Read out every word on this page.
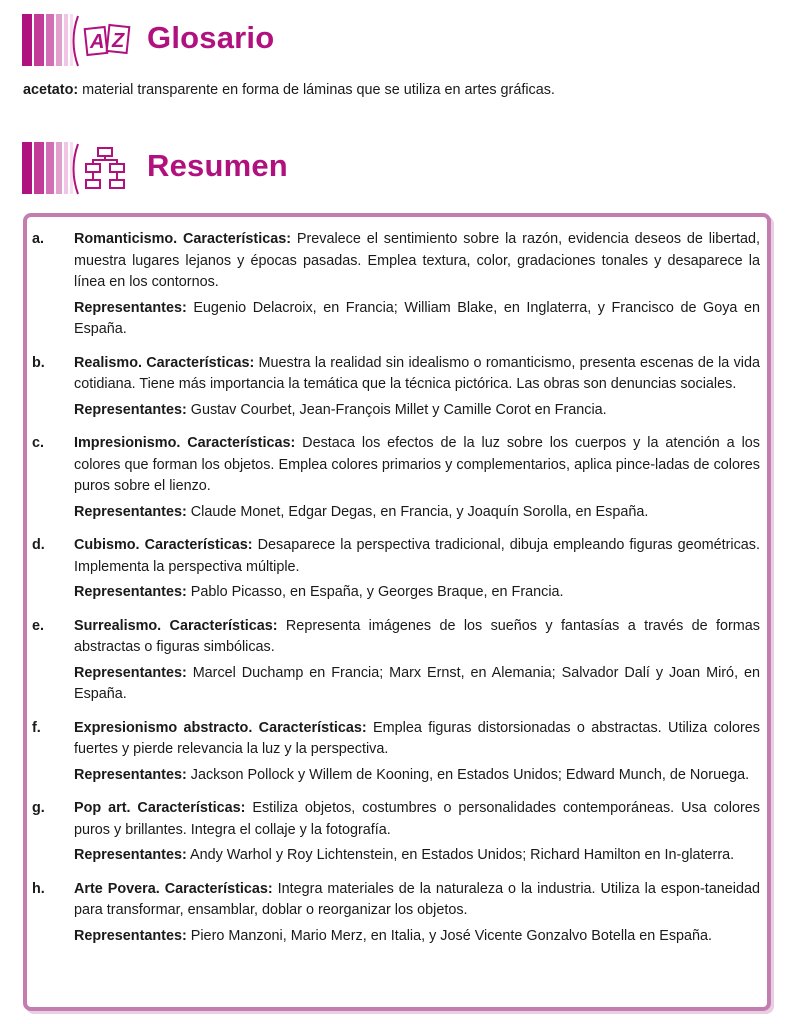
A Z Glosario
acetato: material transparente en forma de láminas que se utiliza en artes gráficas.
Resumen
a. Romanticismo. Características: Prevalece el sentimiento sobre la razón, evidencia deseos de libertad, muestra lugares lejanos y épocas pasadas. Emplea textura, color, gradaciones tonales y desaparece la línea en los contornos.

Representantes: Eugenio Delacroix, en Francia; William Blake, en Inglaterra, y Francisco de Goya en España.

b. Realismo. Características: Muestra la realidad sin idealismo o romanticismo, presenta escenas de la vida cotidiana. Tiene más importancia la temática que la técnica pictórica. Las obras son denuncias sociales.

Representantes: Gustav Courbet, Jean-François Millet y Camille Corot en Francia.

c. Impresionismo. Características: Destaca los efectos de la luz sobre los cuerpos y la atención a los colores que forman los objetos. Emplea colores primarios y complementarios, aplica pince-ladas de colores puros sobre el lienzo.

Representantes: Claude Monet, Edgar Degas, en Francia, y Joaquín Sorolla, en España.

d. Cubismo. Características: Desaparece la perspectiva tradicional, dibuja empleando figuras geométricas. Implementa la perspectiva múltiple.

Representantes: Pablo Picasso, en España, y Georges Braque, en Francia.

e. Surrealismo. Características: Representa imágenes de los sueños y fantasías a través de formas abstractas o figuras simbólicas.

Representantes: Marcel Duchamp en Francia; Marx Ernst, en Alemania; Salvador Dalí y Joan Miró, en España.

f. Expresionismo abstracto. Características: Emplea figuras distorsionadas o abstractas. Utiliza colores fuertes y pierde relevancia la luz y la perspectiva.

Representantes: Jackson Pollock y Willem de Kooning, en Estados Unidos; Edward Munch, de Noruega.

g. Pop art. Características: Estiliza objetos, costumbres o personalidades contemporáneas. Usa colores puros y brillantes. Integra el collaje y la fotografía.

Representantes: Andy Warhol y Roy Lichtenstein, en Estados Unidos; Richard Hamilton en In-glaterra.

h. Arte Povera. Características: Integra materiales de la naturaleza o la industria. Utiliza la espon-taneidad para transformar, ensamblar, doblar o reorganizar los objetos.

Representantes: Piero Manzoni, Mario Merz, en Italia, y José Vicente Gonzalvo Botella en España.
